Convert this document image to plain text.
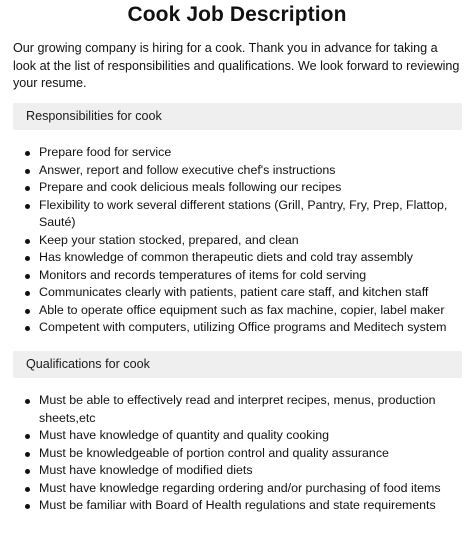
Cook Job Description
Our growing company is hiring for a cook. Thank you in advance for taking a look at the list of responsibilities and qualifications. We look forward to reviewing your resume.
Responsibilities for cook
Prepare food for service
Answer, report and follow executive chef's instructions
Prepare and cook delicious meals following our recipes
Flexibility to work several different stations (Grill, Pantry, Fry, Prep, Flattop, Sauté)
Keep your station stocked, prepared, and clean
Has knowledge of common therapeutic diets and cold tray assembly
Monitors and records temperatures of items for cold serving
Communicates clearly with patients, patient care staff, and kitchen staff
Able to operate office equipment such as fax machine, copier, label maker
Competent with computers, utilizing Office programs and Meditech system
Qualifications for cook
Must be able to effectively read and interpret recipes, menus, production sheets,etc
Must have knowledge of quantity and quality cooking
Must be knowledgeable of portion control and quality assurance
Must have knowledge of modified diets
Must have knowledge regarding ordering and/or purchasing of food items
Must be familiar with Board of Health regulations and state requirements
